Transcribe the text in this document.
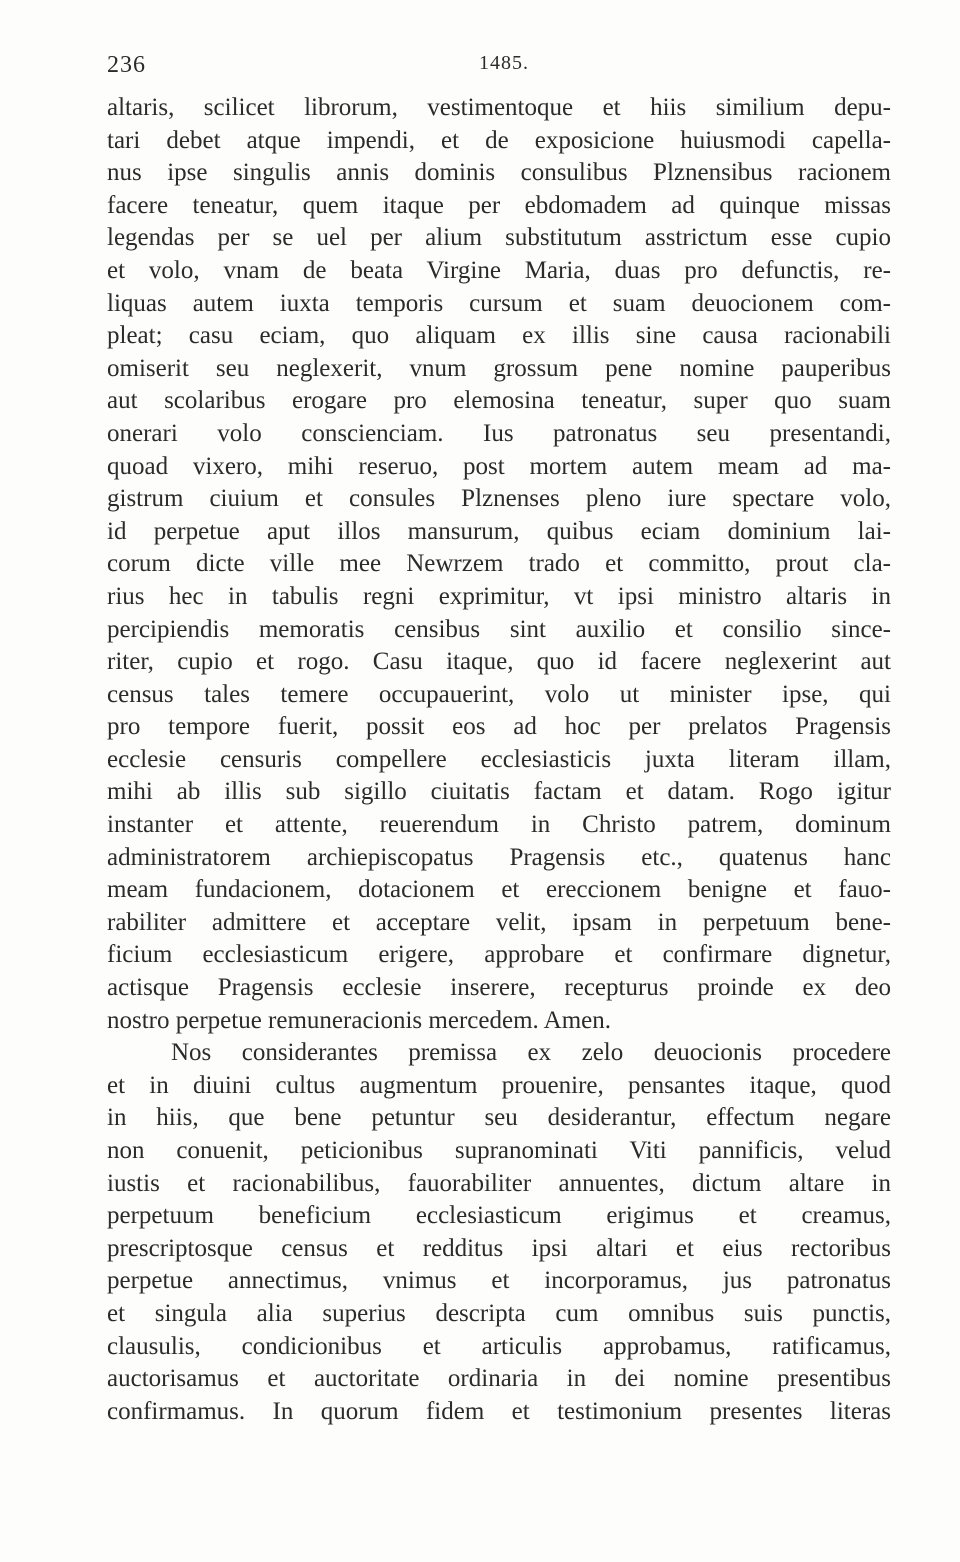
236	1485.
altaris, scilicet librorum, vestimentoque et hiis similium depu-
tari debet atque impendi, et de exposicione huiusmodi capella-
nus ipse singulis annis dominis consulibus Plznensibus racionem
facere teneatur, quem itaque per ebdomadem ad quinque missas
legendas per se uel per alium substitutum asstrictum esse cupio
et volo, vnam de beata Virgine Maria, duas pro defunctis, re-
liquas autem iuxta temporis cursum et suam deuocionem com-
pleat; casu eciam, quo aliquam ex illis sine causa racionabili
omiserit seu neglexerit, vnum grossum pene nomine pauperibus
aut scolaribus erogare pro elemosina teneatur, super quo suam
onerari volo conscienciam. Ius patronatus seu presentandi,
quoad vixero, mihi reseruo, post mortem autem meam ad ma-
gistrum ciuium et consules Plznenses pleno iure spectare volo,
id perpetue aput illos mansurum, quibus eciam dominium lai-
corum dicte ville mee Newrzem trado et committo, prout cla-
rius hec in tabulis regni exprimitur, vt ipsi ministro altaris in
percipiendis memoratis censibus sint auxilio et consilio since-
riter, cupio et rogo. Casu itaque, quo id facere neglexerint aut
census tales temere occupauerint, volo ut minister ipse, qui
pro tempore fuerit, possit eos ad hoc per prelatos Pragensis
ecclesie censuris compellere ecclesiasticis juxta literam illam,
mihi ab illis sub sigillo ciuitatis factam et datam. Rogo igitur
instanter et attente, reuerendum in Christo patrem, dominum
administratorem archiepiscopatus Pragensis etc., quatenus hanc
meam fundacionem, dotacionem et ereccionem benigne et fauo-
rabiliter admittere et acceptare velit, ipsam in perpetuum bene-
ficium ecclesiasticum erigere, approbare et confirmare dignetur,
actisque Pragensis ecclesie inserere, recepturus proinde ex deo
nostro perpetue remuneracionis mercedem. Amen.
Nos considerantes premissa ex zelo deuocionis procedere
et in diuini cultus augmentum prouenire, pensantes itaque, quod
in hiis, que bene petuntur seu desiderantur, effectum negare
non conuenit, peticionibus supranominati Viti pannificis, velud
iustis et racionabilibus, fauorabiliter annuentes, dictum altare in
perpetuum beneficium ecclesiasticum erigimus et creamus,
prescriptosque census et redditus ipsi altari et eius rectoribus
perpetue annectimus, vnimus et incorporamus, jus patronatus
et singula alia superius descripta cum omnibus suis punctis,
clausulis, condicionibus et articulis approbamus, ratificamus,
auctorisamus et auctoritate ordinaria in dei nomine presentibus
confirmamus. In quorum fidem et testimonium presentes literas
